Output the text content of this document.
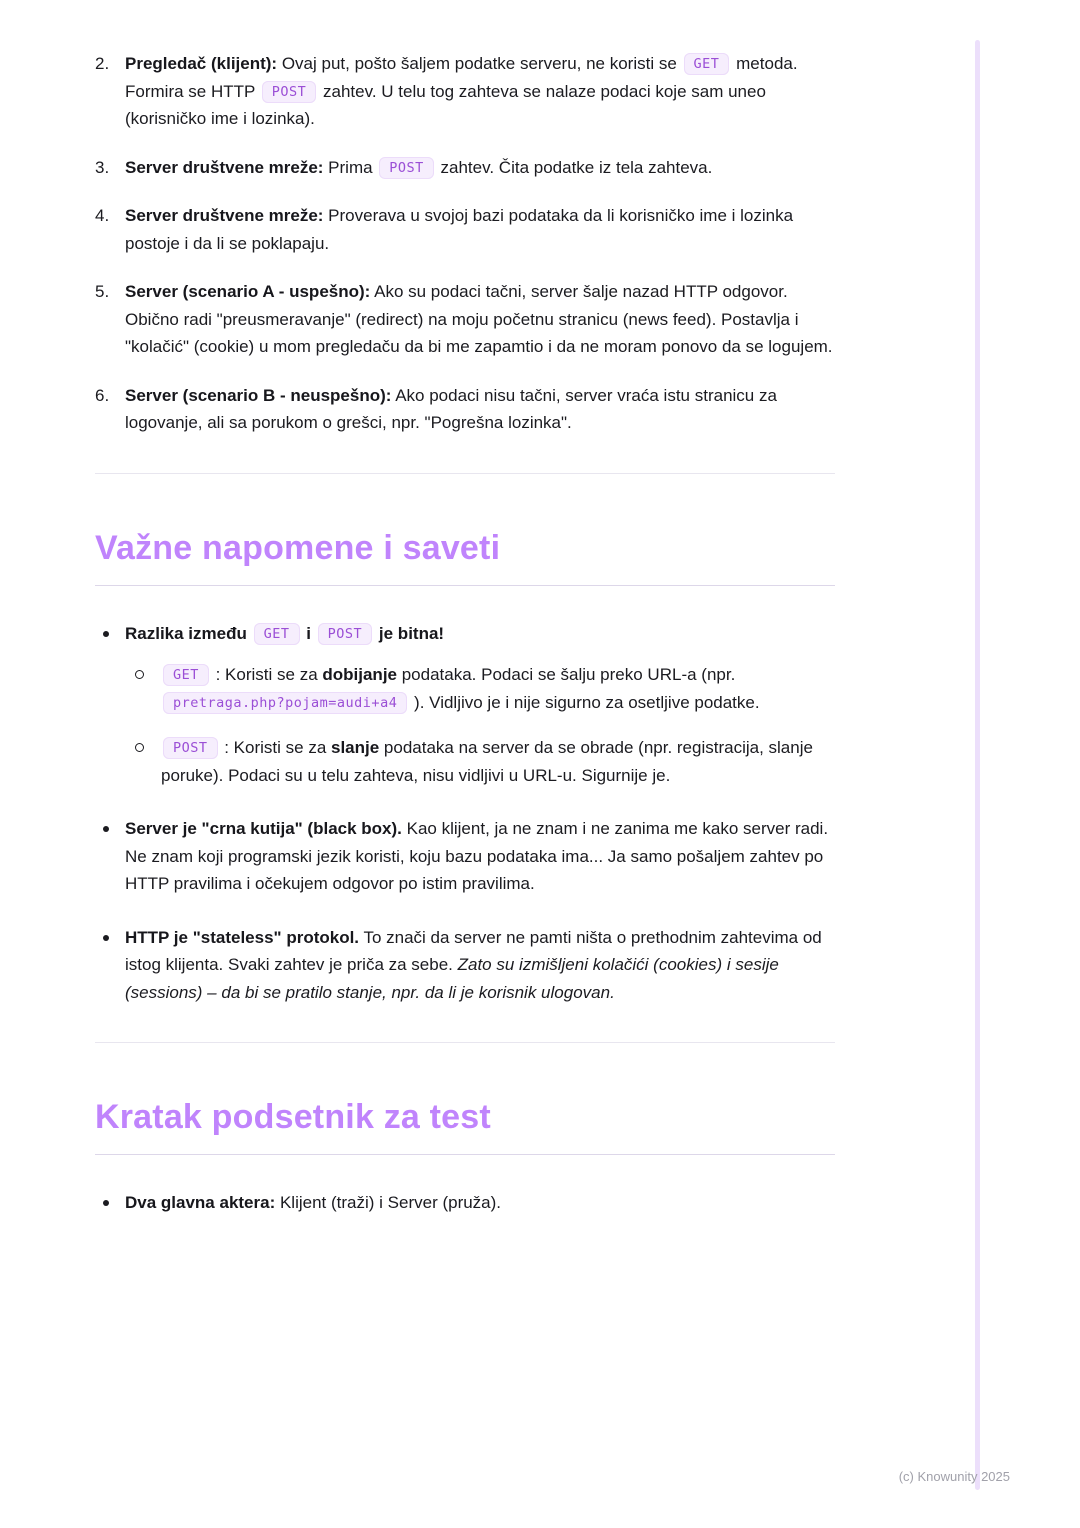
2. Pregledač (klijent): Ovaj put, pošto šaljem podatke serveru, ne koristi se GET metoda. Formira se HTTP POST zahtev. U telu tog zahteva se nalaze podaci koje sam uneo (korisničko ime i lozinka).
3. Server društvene mreže: Prima POST zahtev. Čita podatke iz tela zahteva.
4. Server društvene mreže: Proverava u svojoj bazi podataka da li korisničko ime i lozinka postoje i da li se poklapaju.
5. Server (scenario A - uspešno): Ako su podaci tačni, server šalje nazad HTTP odgovor. Obično radi "preusmeravanje" (redirect) na moju početnu stranicu (news feed). Postavlja i "kolačić" (cookie) u mom pregledaču da bi me zapamtio i da ne moram ponovo da se logujem.
6. Server (scenario B - neuspešno): Ako podaci nisu tačni, server vraća istu stranicu za logovanje, ali sa porukom o grešci, npr. "Pogrešna lozinka".
Važne napomene i saveti
Razlika između GET i POST je bitna!
GET : Koristi se za dobijanje podataka. Podaci se šalju preko URL-a (npr. pretraga.php?pojam=audi+a4 ). Vidljivo je i nije sigurno za osetljive podatke.
POST : Koristi se za slanje podataka na server da se obrade (npr. registracija, slanje poruke). Podaci su u telu zahteva, nisu vidljivi u URL-u. Sigurnije je.
Server je "crna kutija" (black box). Kao klijent, ja ne znam i ne zanima me kako server radi. Ne znam koji programski jezik koristi, koju bazu podataka ima... Ja samo pošaljem zahtev po HTTP pravilima i očekujem odgovor po istim pravilima.
HTTP je "stateless" protokol. To znači da server ne pamti ništa o prethodnim zahtevima od istog klijenta. Svaki zahtev je priča za sebe. Zato su izmišljeni kolačići (cookies) i sesije (sessions) – da bi se pratilo stanje, npr. da li je korisnik ulogovan.
Kratak podsetnik za test
Dva glavna aktera: Klijent (traži) i Server (pruža).
(c) Knowunity 2025
